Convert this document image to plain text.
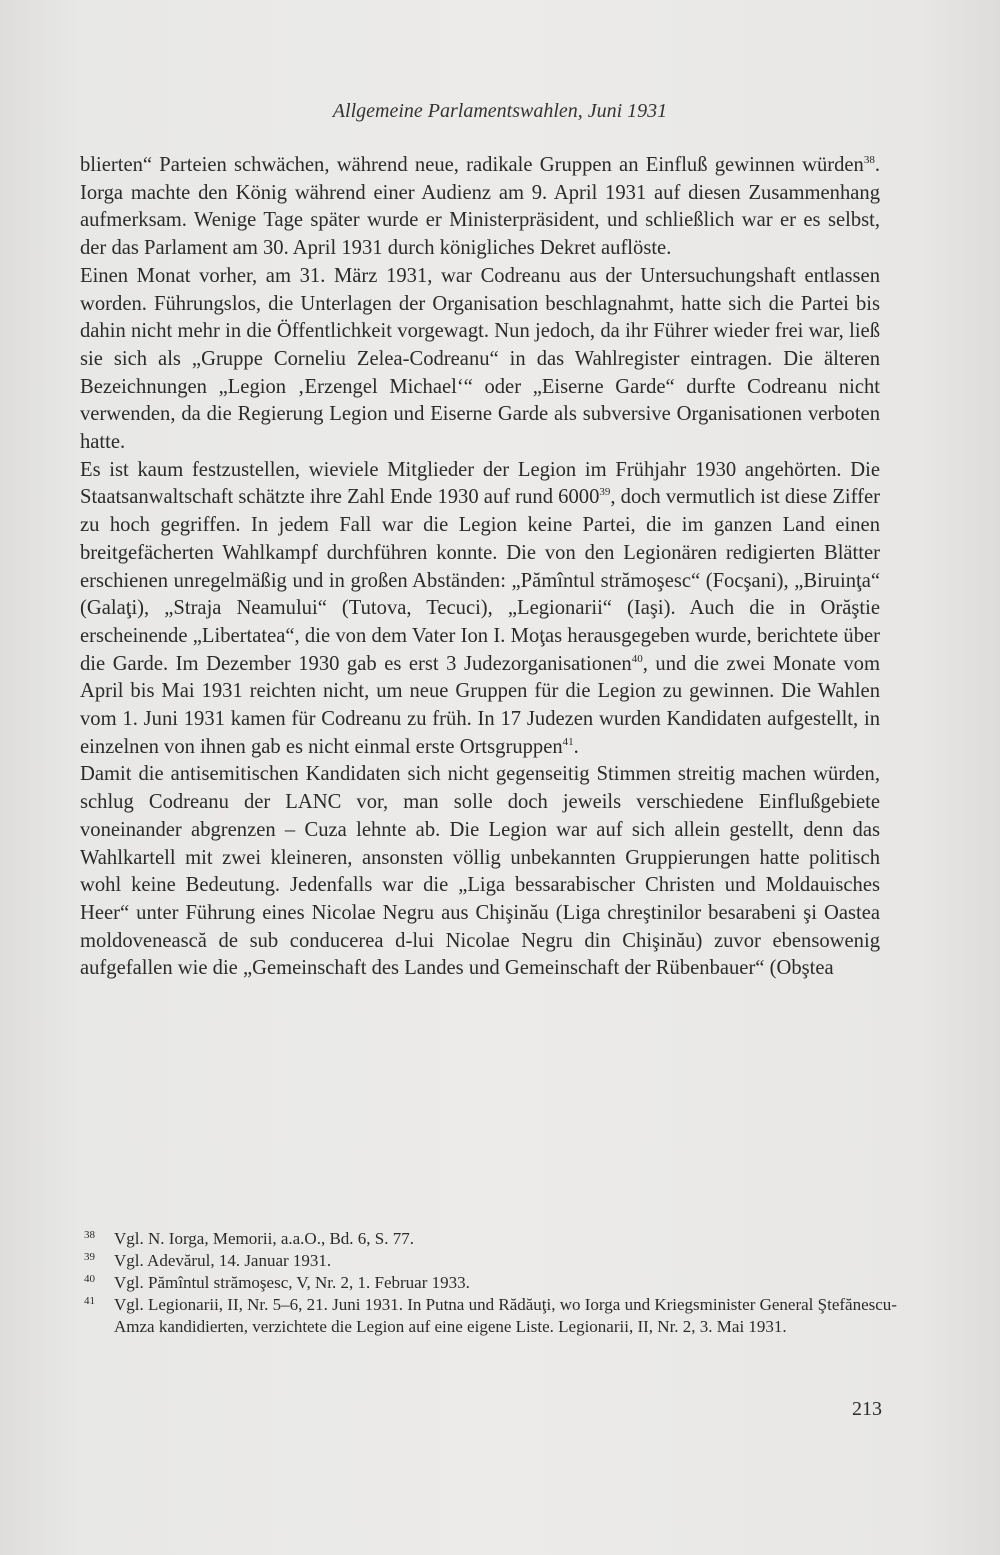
Allgemeine Parlamentswahlen, Juni 1931

blierten“ Parteien schwächen, während neue, radikale Gruppen an Einfluß gewinnen würden$^{38}$. Iorga machte den König während einer Audienz am 9. April 1931 auf diesen Zusammenhang aufmerksam. Wenige Tage später wurde er Ministerpräsident, und schließlich war er es selbst, der das Parlament am 30. April 1931 durch königliches Dekret auflöste.

Einen Monat vorher, am 31. März 1931, war Codreanu aus der Untersuchungshaft entlassen worden. Führungslos, die Unterlagen der Organisation beschlagnahmt, hatte sich die Partei bis dahin nicht mehr in die Öffentlichkeit vorgewagt. Nun jedoch, da ihr Führer wieder frei war, ließ sie sich als „Gruppe Corneliu Zelea-Codreanu“ in das Wahlregister eintragen. Die älteren Bezeichnungen „Legion ‚Erzengel Michael‘“ oder „Eiserne Garde“ durfte Codreanu nicht verwenden, da die Regierung Legion und Eiserne Garde als subversive Organisationen verboten hatte.

Es ist kaum festzustellen, wieviele Mitglieder der Legion im Frühjahr 1930 angehörten. Die Staatsanwaltschaft schätzte ihre Zahl Ende 1930 auf rund 6000$^{39}$, doch vermutlich ist diese Ziffer zu hoch gegriffen. In jedem Fall war die Legion keine Partei, die im ganzen Land einen breitgefächerten Wahlkampf durchführen konnte. Die von den Legionären redigierten Blätter erschienen unregelmäßig und in großen Abständen: „Pămîntul strămoşesc“ (Focşani), „Biruinţa“ (Galaţi), „Straja Neamului“ (Tutova, Tecuci), „Legionarii“ (Iaşi). Auch die in Orăştie erscheinende „Libertatea“, die von dem Vater Ion I. Moţas herausgegeben wurde, berichtete über die Garde. Im Dezember 1930 gab es erst 3 Judezorganisationen$^{40}$, und die zwei Monate vom April bis Mai 1931 reichten nicht, um neue Gruppen für die Legion zu gewinnen. Die Wahlen vom 1. Juni 1931 kamen für Codreanu zu früh. In 17 Judezen wurden Kandidaten aufgestellt, in einzelnen von ihnen gab es nicht einmal erste Ortsgruppen$^{41}$.

Damit die antisemitischen Kandidaten sich nicht gegenseitig Stimmen streitig machen würden, schlug Codreanu der LANC vor, man solle doch jeweils verschiedene Einflußgebiete voneinander abgrenzen – Cuza lehnte ab. Die Legion war auf sich allein gestellt, denn das Wahlkartell mit zwei kleineren, ansonsten völlig unbekannten Gruppierungen hatte politisch wohl keine Bedeutung. Jedenfalls war die „Liga bessarabischer Christen und Moldauisches Heer“ unter Führung eines Nicolae Negru aus Chişinău (Liga chreştinilor besarabeni şi Oastea moldovenească de sub conducerea d-lui Nicolae Negru din Chişinău) zuvor ebensowenig aufgefallen wie die „Gemeinschaft des Landes und Gemeinschaft der Rübenbauer“ (Obştea

38 Vgl. N. Iorga, Memorii, a.a.O., Bd. 6, S. 77.
39 Vgl. Adevărul, 14. Januar 1931.
40 Vgl. Pămîntul strămoşesc, V, Nr. 2, 1. Februar 1933.
41 Vgl. Legionarii, II, Nr. 5–6, 21. Juni 1931. In Putna und Rădăuţi, wo Iorga und Kriegsminister General Ştefănescu-Amza kandidierten, verzichtete die Legion auf eine eigene Liste. Legionarii, II, Nr. 2, 3. Mai 1931.
213
